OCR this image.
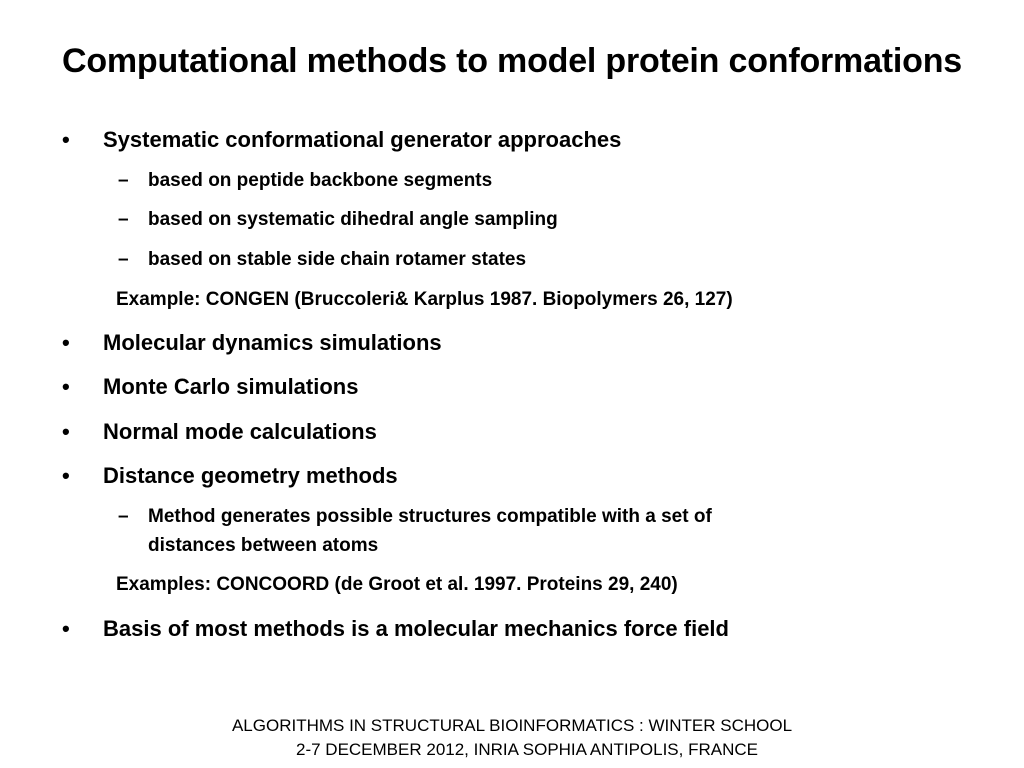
Computational methods to model protein conformations
• Systematic conformational generator approaches
– based on peptide backbone segments
– based on systematic dihedral angle sampling
– based on stable side chain rotamer states
Example: CONGEN (Bruccoleri& Karplus 1987. Biopolymers 26, 127)
• Molecular dynamics simulations
• Monte Carlo simulations
• Normal mode calculations
• Distance geometry methods
– Method generates possible structures compatible with a set of
distances between atoms
Examples: CONCOORD (de Groot et al. 1997. Proteins 29, 240)
• Basis of most methods is a molecular mechanics force field
ALGORITHMS IN STRUCTURAL BIOINFORMATICS : WINTER SCHOOL
2-7 DECEMBER 2012, INRIA SOPHIA ANTIPOLIS, FRANCE
